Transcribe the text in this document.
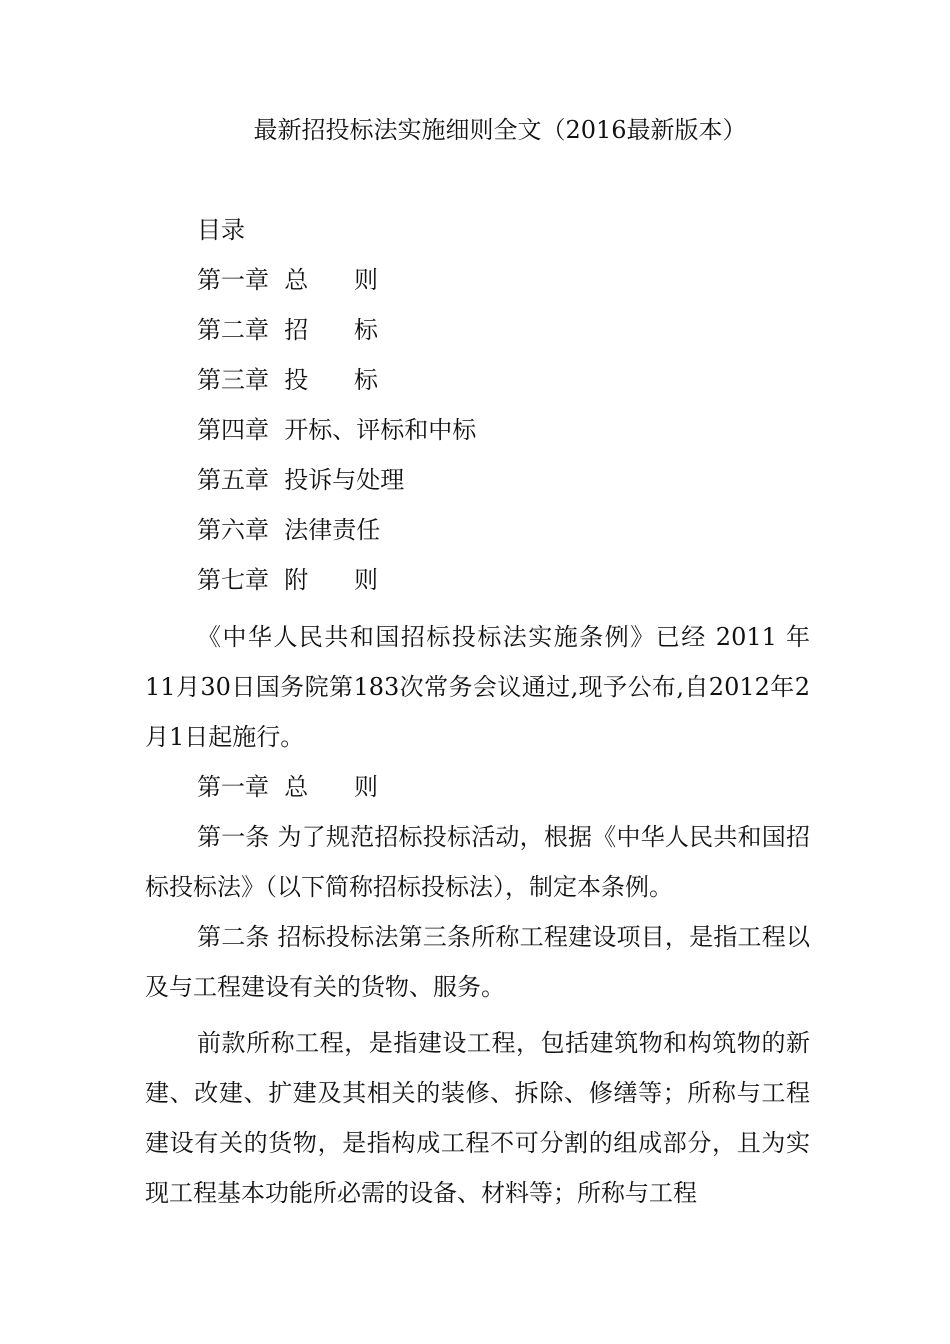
最新招投标法实施细则全文（2016最新版本）
目录
第一章  总      则
第二章  招      标
第三章  投      标
第四章  开标、评标和中标
第五章  投诉与处理
第六章  法律责任
第七章  附      则

《中华人民共和国招标投标法实施条例》已经 2011 年 11月30日国务院第183次常务会议通过,现予公布,自2012年2月1日起施行。

第一章  总      则

第一条 为了规范招标投标活动，根据《中华人民共和国招标投标法》（以下简称招标投标法），制定本条例。

第二条 招标投标法第三条所称工程建设项目，是指工程以及与工程建设有关的货物、服务。

前款所称工程，是指建设工程，包括建筑物和构筑物的新建、改建、扩建及其相关的装修、拆除、修缮等；所称与工程建设有关的货物，是指构成工程不可分割的组成部分，且为实现工程基本功能所必需的设备、材料等；所称与工程
